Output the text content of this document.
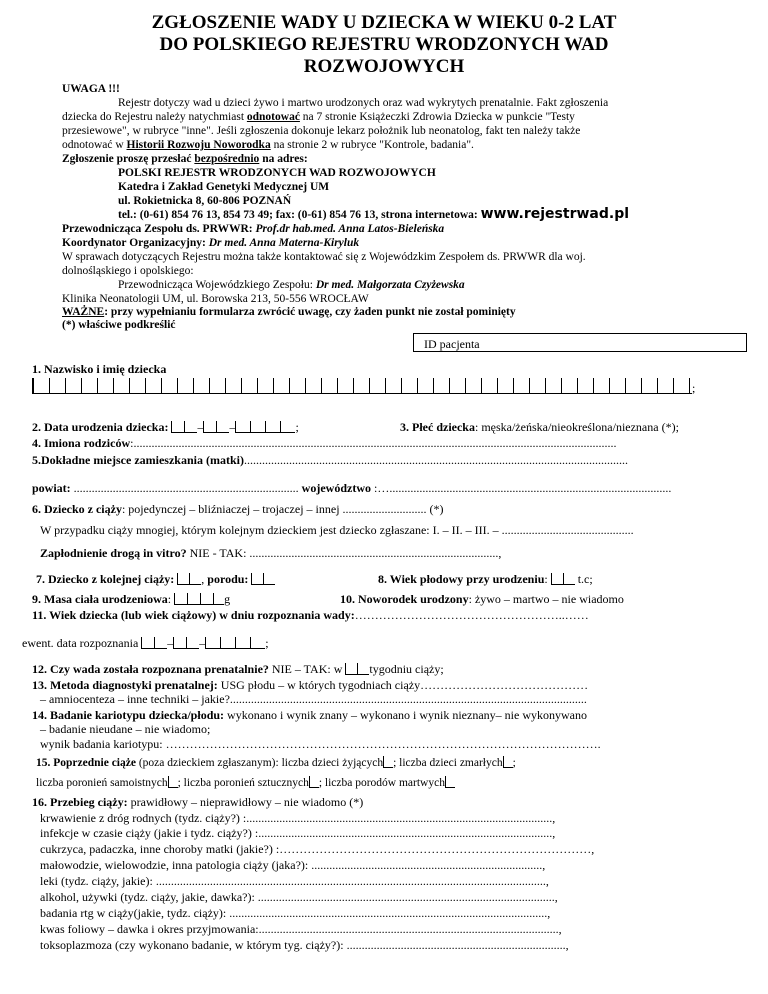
ZGŁOSZENIE WADY U DZIECKA W WIEKU 0-2 LAT
DO POLSKIEGO REJESTRU WRODZONYCH WAD
ROZWOJOWYCH
UWAGA !!!
Rejestr dotyczy wad u dzieci żywo i martwo urodzonych oraz wad wykrytych prenatalnie. Fakt zgłoszenia
dziecka do Rejestru należy natychmiast odnotować na 7 stronie Książeczki Zdrowia Dziecka w punkcie "Testy
przesiewowe", w rubryce "inne". Jeśli zgłoszenia dokonuje lekarz położnik lub neonatolog, fakt ten należy także
odnotować w Historii Rozwoju Noworodka na stronie 2 w rubryce "Kontrole, badania".
Zgłoszenie proszę przesłać bezpośrednio na adres:
POLSKI REJESTR WRODZONYCH WAD ROZWOJOWYCH
Katedra i Zakład Genetyki Medycznej UM
ul. Rokietnicka 8, 60-806 POZNAŃ
tel.: (0-61) 854 76 13, 854 73 49; fax: (0-61) 854 76 13, strona internetowa: www.rejestrwad.pl
Przewodnicząca Zespołu ds. PRWWR: Prof.dr hab.med. Anna Latos-Bieleńska
Koordynator Organizacyjny: Dr med. Anna Materna-Kiryluk
W sprawach dotyczących Rejestru można także kontaktować się z Wojewódzkim Zespołem ds. PRWWR dla woj.
dolnośląskiego i opolskiego:
Przewodnicząca Wojewódzkiego Zespołu: Dr med. Małgorzata Czyżewska
Klinika Neonatologii UM, ul. Borowska 213, 50-556 WROCŁAW
WAŻNE: przy wypełnianiu formularza zwrócić uwagę, czy żaden punkt nie został pominięty
(*) właściwe podkreślić
ID pacjenta
1. Nazwisko i imię dziecka
;
2. Data urodzenia dziecka: – –	;	3. Płeć dziecka: męska/żeńska/nieokreślona/nieznana (*);
4. Imiona rodziców:.................................................................................................................................................................
5.Dokładne miejsce zamieszkania (matki)................................................................................................................................
powiat: ........................................................................... województwo :…..............................................................................................
6. Dziecko z ciąży: pojedynczej – bliźniaczej – trojaczej – innej ............................ (*)
W przypadku ciąży mnogiej, którym kolejnym dzieckiem jest dziecko zgłaszane: I. – II. – III. – ............................................
Zapłodnienie drogą in vitro? NIE - TAK: ...................................................................................,
7. Dziecko z kolejnej ciąży: , porodu:	8. Wiek płodowy przy urodzeniu:  t.c;
9. Masa ciała urodzeniowa:	g	10. Noworodek urodzony: żywo – martwo – nie wiadomo
11. Wiek dziecka (lub wiek ciążowy) w dniu rozpoznania wady:……………………………………………..……
ewent. data rozpoznania – –	;
12. Czy wada została rozpoznana prenatalnie? NIE – TAK: w tygodniu ciąży;
13. Metoda diagnostyki prenatalnej: USG płodu – w których tygodniach ciąży……………………………………
– amniocenteza – inne techniki – jakie?.......................................................................................................................
14. Badanie kariotypu dziecka/płodu: wykonano i wynik znany – wykonano i wynik nieznany– nie wykonywano
– badanie nieudane – nie wiadomo;
wynik badania kariotypu: ……………………………………………………………………………………………….
15. Poprzednie ciąże (poza dzieckiem zgłaszanym): liczba dzieci żyjących ; liczba dzieci zmarłych ;
liczba poronień samoistnych ; liczba poronień sztucznych ; liczba porodów martwych
16. Przebieg ciąży: prawidłowy – nieprawidłowy – nie wiadomo (*)
krwawienie z dróg rodnych (tydz. ciąży?) :......................................................................................................,
infekcje w czasie ciąży (jakie i tydz. ciąży?) :..................................................................................................,
cukrzyca, padaczka, inne choroby matki (jakie?) :……………………………………………………………………,
małowodzie, wielowodzie, inna patologia ciąży (jaka?): .............................................................................,
leki (tydz. ciąży, jakie): ..................................................................................................................................,
alkohol, używki (tydz. ciąży, jakie, dawka?): ...................................................................................................,
badania rtg w ciąży(jakie, tydz. ciąży): ..........................................................................................................,
kwas foliowy – dawka i okres przyjmowania:....................................................................................................,
toksoplazmoza (czy wykonano badanie, w którym tyg. ciąży?): .........................................................................,
